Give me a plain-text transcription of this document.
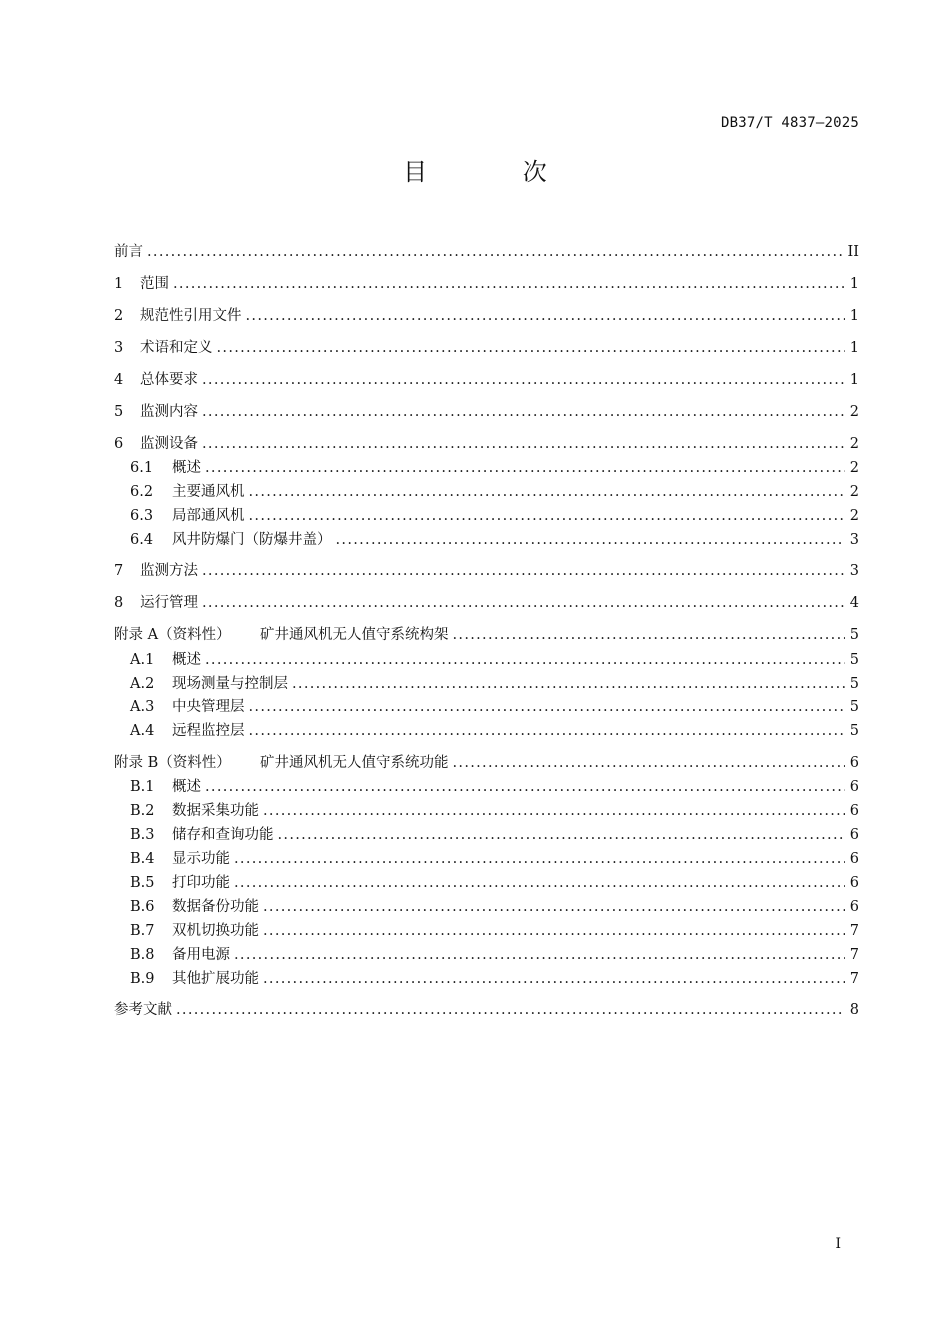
DB37/T 4837—2025
目 次
前言 .....	II
1	范围 .....	1
2	规范性引用文件 .....	1
3	术语和定义 .....	1
4	总体要求 .....	1
5	监测内容 .....	2
6	监测设备 .....	2
6.1	概述 .....	2
6.2	主要通风机 .....	2
6.3	局部通风机 .....	2
6.4	风井防爆门（防爆井盖） .....	3
7	监测方法 .....	3
8	运行管理 .....	4
附录 A（资料性）	矿井通风机无人值守系统构架 .....	5
A.1	概述 .....	5
A.2	现场测量与控制层 .....	5
A.3	中央管理层 .....	5
A.4	远程监控层 .....	5
附录 B（资料性）	矿井通风机无人值守系统功能 .....	6
B.1	概述 .....	6
B.2	数据采集功能 .....	6
B.3	储存和查询功能 .....	6
B.4	显示功能 .....	6
B.5	打印功能 .....	6
B.6	数据备份功能 .....	6
B.7	双机切换功能 .....	7
B.8	备用电源 .....	7
B.9	其他扩展功能 .....	7
参考文献 .....	8
I
